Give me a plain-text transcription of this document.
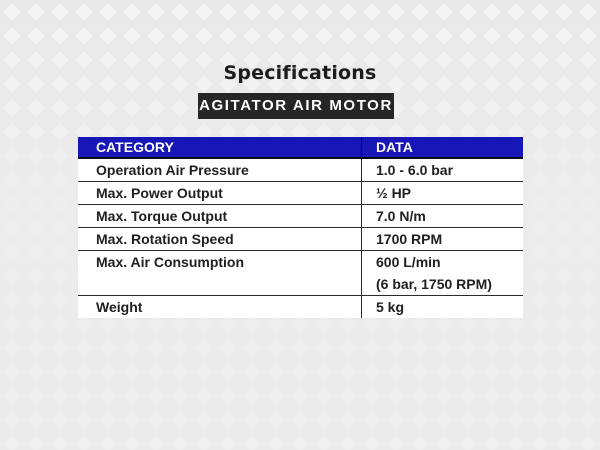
Specifications
AGITATOR AIR MOTOR
CATEGORY	DATA
Operation Air Pressure	1.0 - 6.0 bar
Max. Power Output	½ HP
Max. Torque Output	7.0 N/m
Max. Rotation Speed	1700 RPM
Max. Air Consumption	600 L/min
(6 bar, 1750 RPM)

Weight	5 kg
